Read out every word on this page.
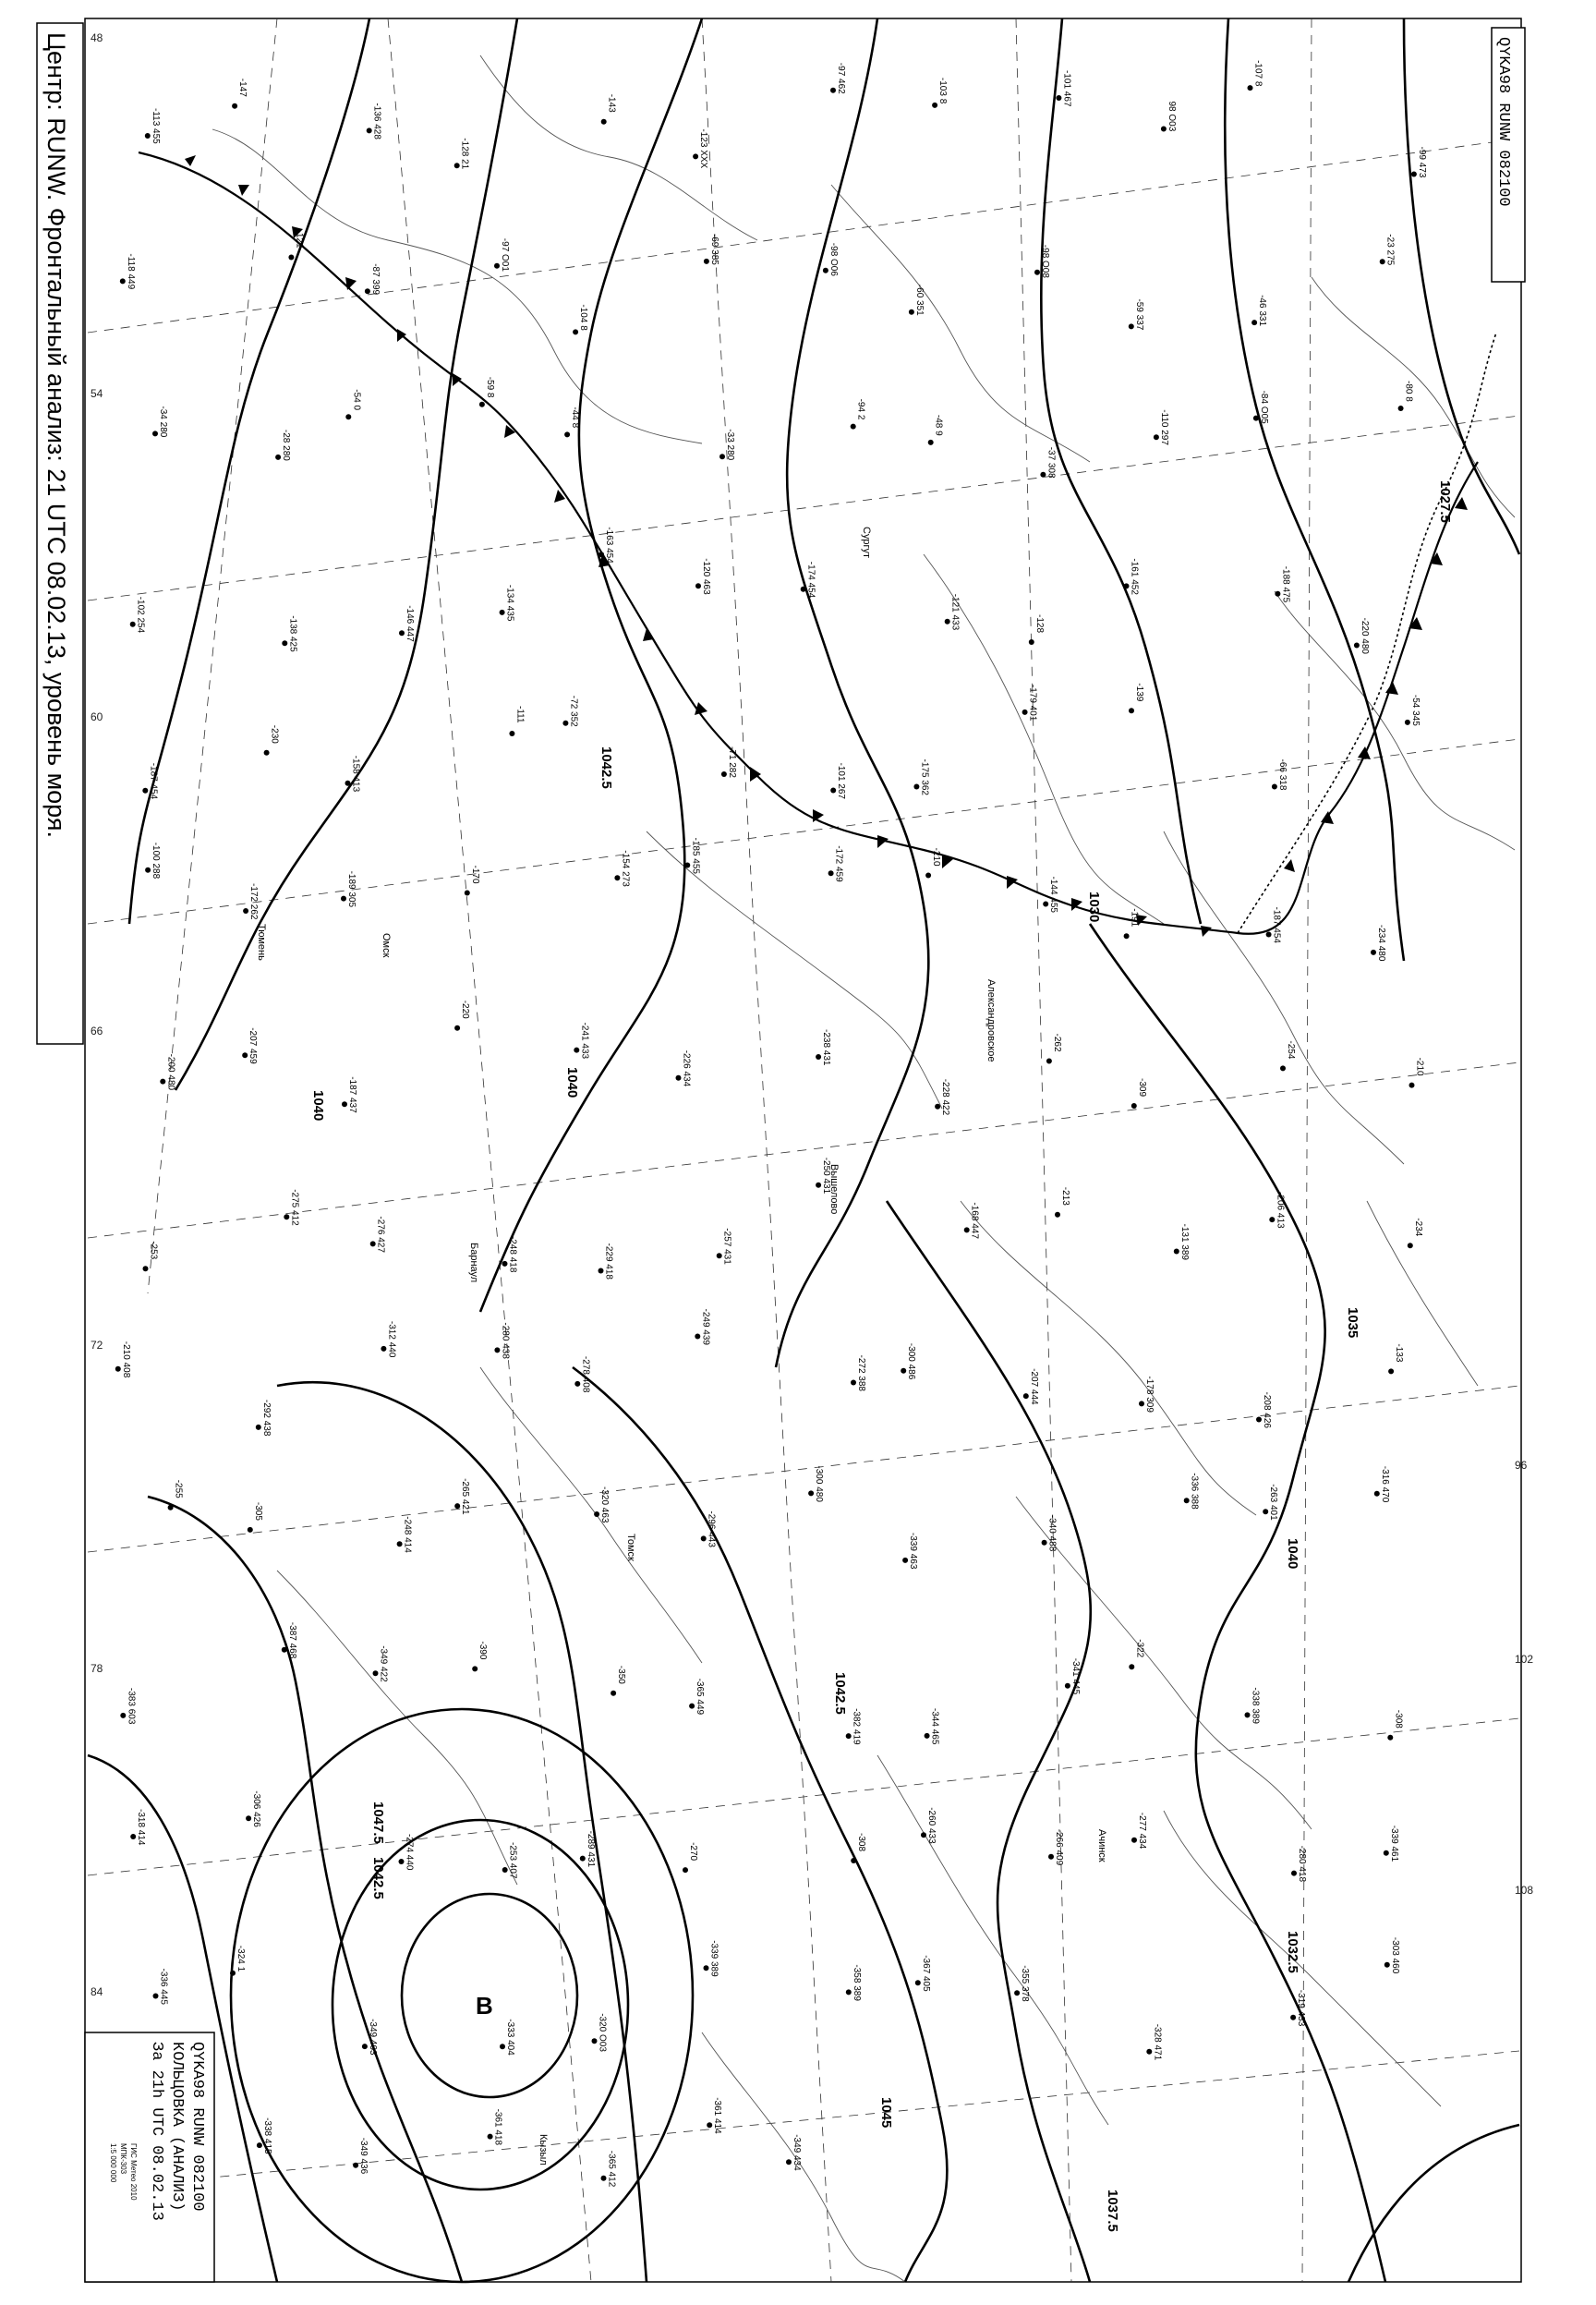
96
102
108
48
54
60
66
72
78
84
1027.5
1030
1035
1040
1040
1042.5
1042.5
1045
1037.5
1032.5
1042.5
1047.5
1040
В
-113 455
-147
-136 428
-128 21
-143
-123 XXX
-97 462	-103 8	-101 467
98 O03
-107 8
-99 473
-118 449
-121
-87 399
-97 O01
-104 8
-69 385	-98 O06
-60 351
-98 O08
-59 337	-46 331
-23 275
-34 280
-28 280
-54 0
-59 8
-44 8
-33 280
-94 2
-48 9
-37 308
-110 297
-84 O05	-80 8
-102 254
-138 425	-146 447
-134 435
-163 454
-120 463	-174 454
-121 433	-128
-161 452	-188 475
-220 480
-187 454
-230
-158 413
-111	-72 352
-71 282
-101 267	-175 362
-179 401	-139
-66 318
-54 345
-100 288
-172 262	-189 305	-170	-154 273	-185 455	-172 459	-210
-144 455
-191	-187 454	-234 480
-200 480
-207 459
-187 437
-220
-241 433
-226 434
-238 431
-228 422
-262
-309
-254
-210
-253
-275 412
-276 427
-248 418	-229 418	-257 431
-250 431
-168 447
-213
-131 389
-206 413	-234
-210 408
-292 438
-312 440	-280 438
-278 408
-249 439
-272 388	-300 486
-207 444	-178 309	-208 426
-133
-255
-305
-248 414
-265 421	-320 463
-296 443
-300 480
-339 463	-340 488
-336 388	-263 401	-316 470
-383 603
-387 468
-349 422	-390
-350
-365 449
-382 419	-344 465
-341 445
-322
-338 389	-308
-318 414	-306 426
-274 440	-253 407	-289 431	-270
-308	-260 433
-266 409	-277 434
-280 418
-339 461
-336 445
-324 1
-349 403	-333 404	-320 O03
-339 389
-358 389	-367 405	-355 378
-328 471
-319 433
-303 460
-338 415
-349 436
-361 418
-365 412
-361 414
-349 434
Кызыл
Ачинск
Александровское
Вышелово
Сургут
Барнаул
Тюмень
Томск
Омск
Центр: RUNW. Фронтальный анализ: 21 UTC 08.02.13, уровень моря.	QYKA98 RUNW 082100
QYKA98 RUNW 082100
КОЛЬЦОВКА (АНАЛИЗ)
За 21h UTC 08.02.13
ГИС Метео 2010
МПК-303
1:5 000 000
